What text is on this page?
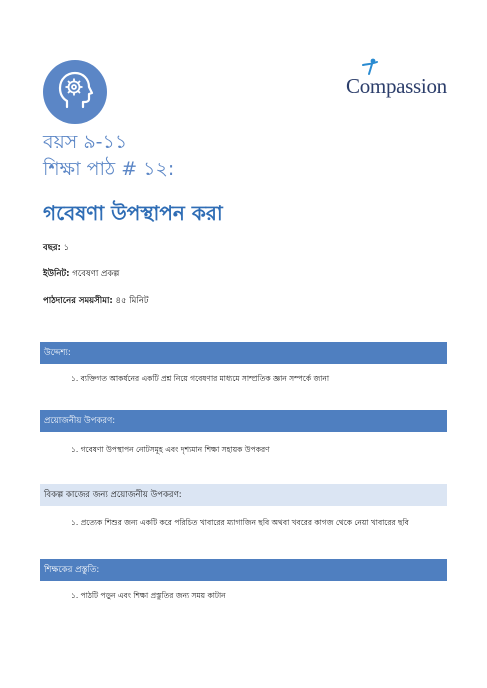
Compassion
বয়স ৯-১১
শিক্ষা পাঠ # ১২:
গবেষণা উপস্থাপন করা
বছর: ১
ইউনিট: গবেষণা প্রকল্প
পাঠদানের সময়সীমা: ৪৫ মিনিট
উদ্দেশ্য:
১. ব্যক্তিগত আকর্ষনের একটি প্রশ্ন নিয়ে গবেষণার মাধ্যমে সাম্প্রতিক জ্ঞান সম্পর্কে জানা
প্রয়োজনীয় উপকরণ:
১. গবেষণা উপস্থাপন নোটসমূহ এবং দৃশ্যমান শিক্ষা সহায়ক উপকরণ
বিকল্প কাজের জন্য প্রয়োজনীয় উপকরণ:
১. প্রত্যেক শিশুর জন্য একটি করে পরিচিত খাবারের ম্যাগাজিন ছবি অথবা খবরের কাগজ থেকে নেয়া খাবারের ছবি
শিক্ষকের প্রস্তুতি:
১. পাঠটি পড়ুন এবং শিক্ষা প্রস্তুতির জন্য সময় কাটান
